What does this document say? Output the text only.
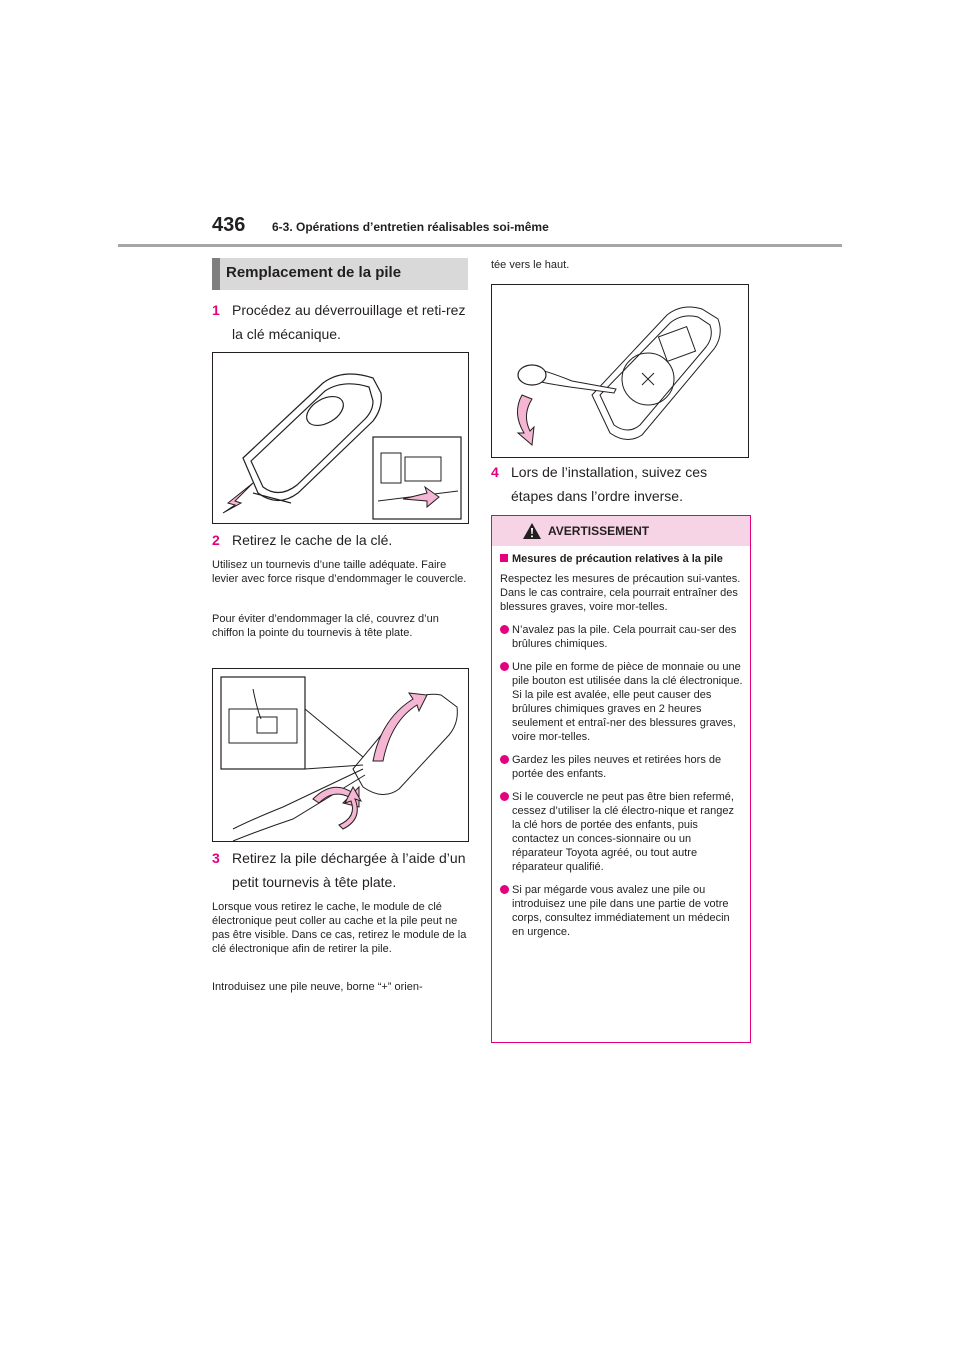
436 6-3. Opérations d’entretien réalisables soi-même
Remplacement de la pile
1 Procédez au déverrouillage et reti-rez la clé mécanique.
2 Retirez le cache de la clé.
Utilisez un tournevis d’une taille adéquate. Faire levier avec force risque d’endommager le couvercle.
Pour éviter d’endommager la clé, couvrez d’un chiffon la pointe du tournevis à tête plate.
3 Retirez la pile déchargée à l’aide d’un petit tournevis à tête plate.
Lorsque vous retirez le cache, le module de clé électronique peut coller au cache et la pile peut ne pas être visible. Dans ce cas, retirez le module de la clé électronique afin de retirer la pile.
Introduisez une pile neuve, borne “+” orien-
tée vers le haut.
4 Lors de l’installation, suivez ces étapes dans l’ordre inverse.
AVERTISSEMENT
Mesures de précaution relatives à la pile
Respectez les mesures de précaution sui-vantes. Dans le cas contraire, cela pourrait entraîner des blessures graves, voire mor-telles.
N’avalez pas la pile. Cela pourrait cau-ser des brûlures chimiques.
Une pile en forme de pièce de monnaie ou une pile bouton est utilisée dans la clé électronique. Si la pile est avalée, elle peut causer des brûlures chimiques graves en 2 heures seulement et entraî-ner des blessures graves, voire mor-telles.
Gardez les piles neuves et retirées hors de portée des enfants.
Si le couvercle ne peut pas être bien refermé, cessez d’utiliser la clé électro-nique et rangez la clé hors de portée des enfants, puis contactez un conces-sionnaire ou un réparateur Toyota agréé, ou tout autre réparateur qualifié.
Si par mégarde vous avalez une pile ou introduisez une pile dans une partie de votre corps, consultez immédiatement un médecin en urgence.
